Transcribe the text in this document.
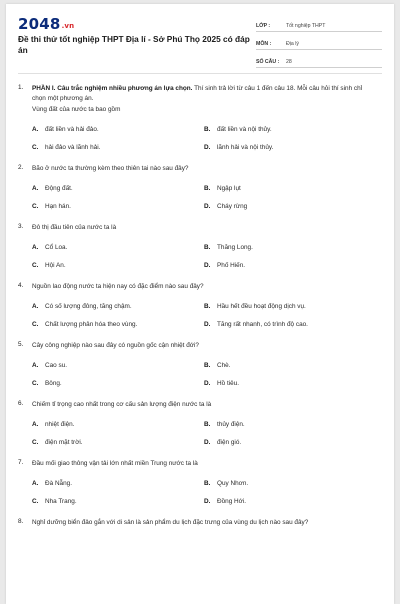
2048.vn
Đề thi thử tốt nghiệp THPT Địa lí - Sở Phú Thọ 2025 có đáp án
LỚP :	Tốt nghiệp THPT
MÔN :	Địa lý
SỐ CÂU :	28
1. PHẦN I. Câu trắc nghiệm nhiều phương án lựa chọn. Thí sinh trả lời từ câu 1 đến câu 18. Mỗi câu hỏi thí sinh chỉ chọn một phương án.
Vùng đất của nước ta bao gồm
A.	đất liền và hải đảo.	B.	đất liền và nội thủy.
C.	hải đảo và lãnh hải.	D.	lãnh hải và nội thủy.
2. Bão ở nước ta thường kèm theo thiên tai nào sau đây?
A.	Động đất.	B.	Ngập lụt
C.	Hạn hán.	D.	Cháy rừng
3. Đô thị đầu tiên của nước ta là
A.	Cổ Loa.	B.	Thăng Long.
C.	Hội An.	D.	Phố Hiến.
4. Nguồn lao động nước ta hiện nay có đặc điểm nào sau đây?
A.	Có số lượng đông, tăng chậm.	B.	Hầu hết đều hoạt động dịch vụ.
C.	Chất lượng phân hóa theo vùng.	D.	Tăng rất nhanh, có trình độ cao.
5. Cây công nghiệp nào sau đây có nguồn gốc cận nhiệt đới?
A.	Cao su.	B.	Chè.
C.	Bông.	D.	Hồ tiêu.
6. Chiếm tỉ trọng cao nhất trong cơ cấu sản lượng điện nước ta là
A.	nhiệt điện.	B.	thủy điện.
C.	điện mặt trời.	D.	điện gió.
7. Đầu mối giao thông vận tải lớn nhất miền Trung nước ta là
A.	Đà Nẵng.	B.	Quy Nhơn.
C.	Nha Trang.	D.	Đồng Hới.
8. Nghỉ dưỡng biển đảo gắn với di sản là sản phẩm du lịch đặc trưng của vùng du lịch nào sau đây?
